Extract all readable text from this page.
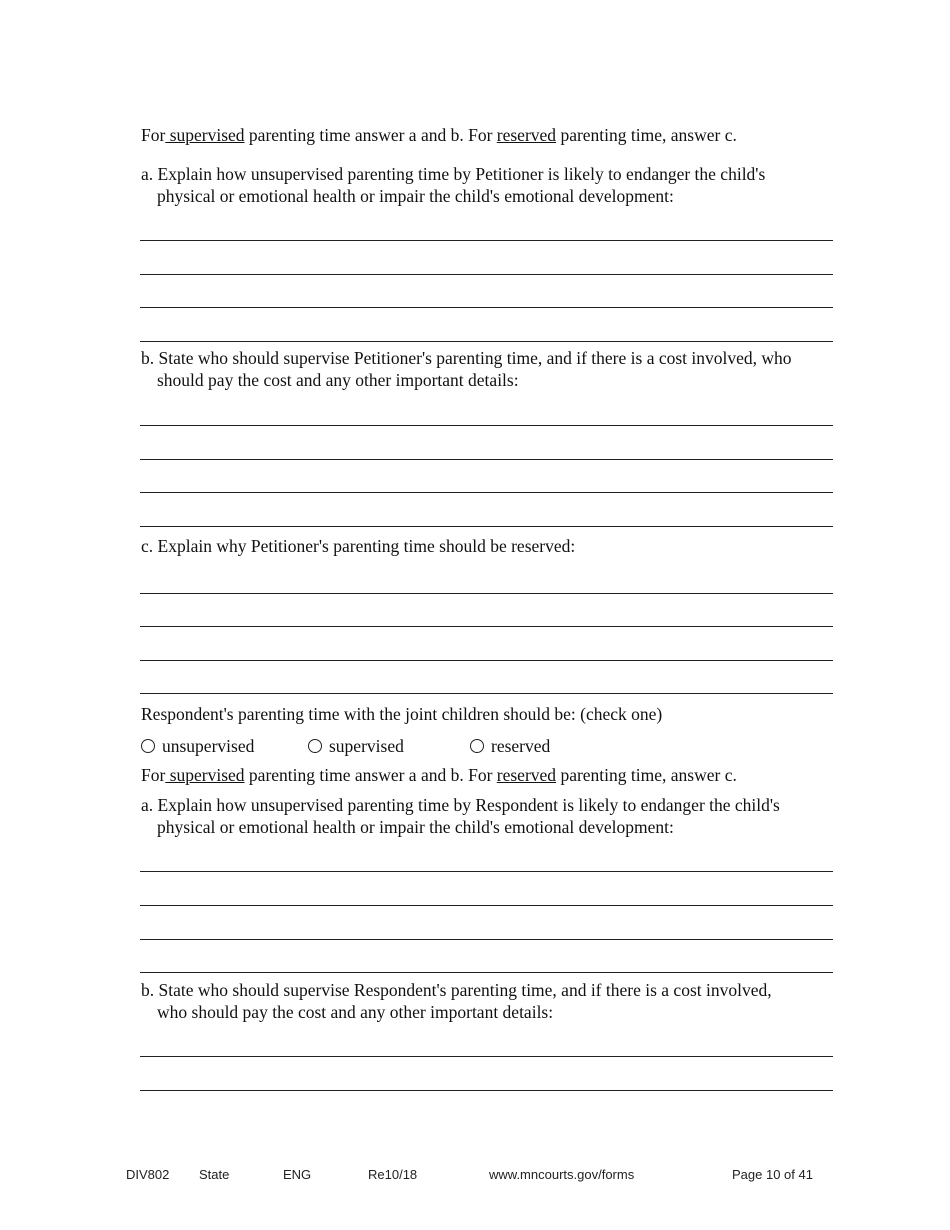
For supervised parenting time answer a and b. For reserved parenting time, answer c.
a. Explain how unsupervised parenting time by Petitioner is likely to endanger the child's
physical or emotional health or impair the child's emotional development:
b. State who should supervise Petitioner's parenting time, and if there is a cost involved, who
should pay the cost and any other important details:
c. Explain why Petitioner's parenting time should be reserved:
Respondent's parenting time with the joint children should be: (check one)
unsupervised	supervised	reserved
For supervised parenting time answer a and b. For reserved parenting time, answer c.
a. Explain how unsupervised parenting time by Respondent is likely to endanger the child's
physical or emotional health or impair the child's emotional development:
b. State who should supervise Respondent's parenting time, and if there is a cost involved,
who should pay the cost and any other important details:
DIV802 State	ENG	Re10/18	www.mncourts.gov/forms	Page 10 of 41
